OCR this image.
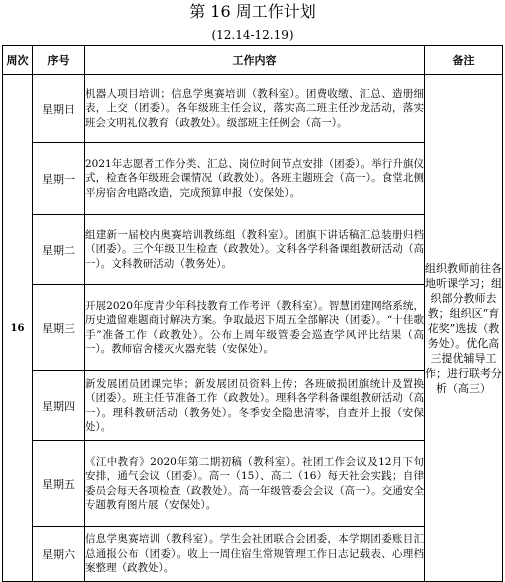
第 16 周工作计划
(12.14-12.19)
周次	序号	工作内容	备注
16	星期日	机器人项目培训；信息学奥赛培训（教科室）。团费收缴、汇总、造册细表，上交（团委）。各年级班主任会议，落实高二班主任沙龙活动，落实班会文明礼仪教育（政教处）。级部班主任例会（高一）。	组织教师前往各地听课学习；组织部分教师去教；组织区“育花奖”选拔（教务处）。优化高三提优辅导工作；进行联考分析（高三）
	星期一	2021年志愿者工作分类、汇总、岗位时间节点安排（团委）。举行升旗仪式，检查各年级班会课情况（政教处）。各班主题班会（高一）。食堂北侧平房宿舍电路改造，完成预算申报（安保处）。	
	星期二	组建新一届校内奥赛培训教练组（教科室）。团旗下讲话稿汇总装册归档（团委）。三个年级卫生检查（政教处）。文科各学科备课组教研活动（高一）。文科教研活动（教务处）。	
	星期三	开展2020年度青少年科技教育工作考评（教科室）。智慧团建网络系统，历史遗留难题商讨解决方案。争取最迟下周五全部解决（团委）。“十佳歌手”准备工作（政教处）。公布上周年级管委会巡查学风评比结果（高一）。教师宿舍楼灭火器充装（安保处）。	
	星期四	新发展团员团课完毕；新发展团员资料上传；各班破损团旗统计及置换（团委）。班主任节准备工作（政教处）。理科各学科备课组教研活动（高一）。理科教研活动（教务处）。冬季安全隐患清零，自查并上报（安保处）。	
	星期五	《江中教育》2020年第二期初稿（教科室）。社团工作会议及12月下旬安排，通气会议（团委）。高一（15）、高二（16）每天社会实践；自律委员会每天各项检查（政教处）。高一年级管委会会议（高一）。交通安全专题教育图片展（安保处）。	
	星期六	信息学奥赛培训（教科室）。学生会社团联合会团委，本学期团委账目汇总通报公布（团委）。收上一周住宿生常规管理工作日志记载表、心理档案整理（政教处）。	
